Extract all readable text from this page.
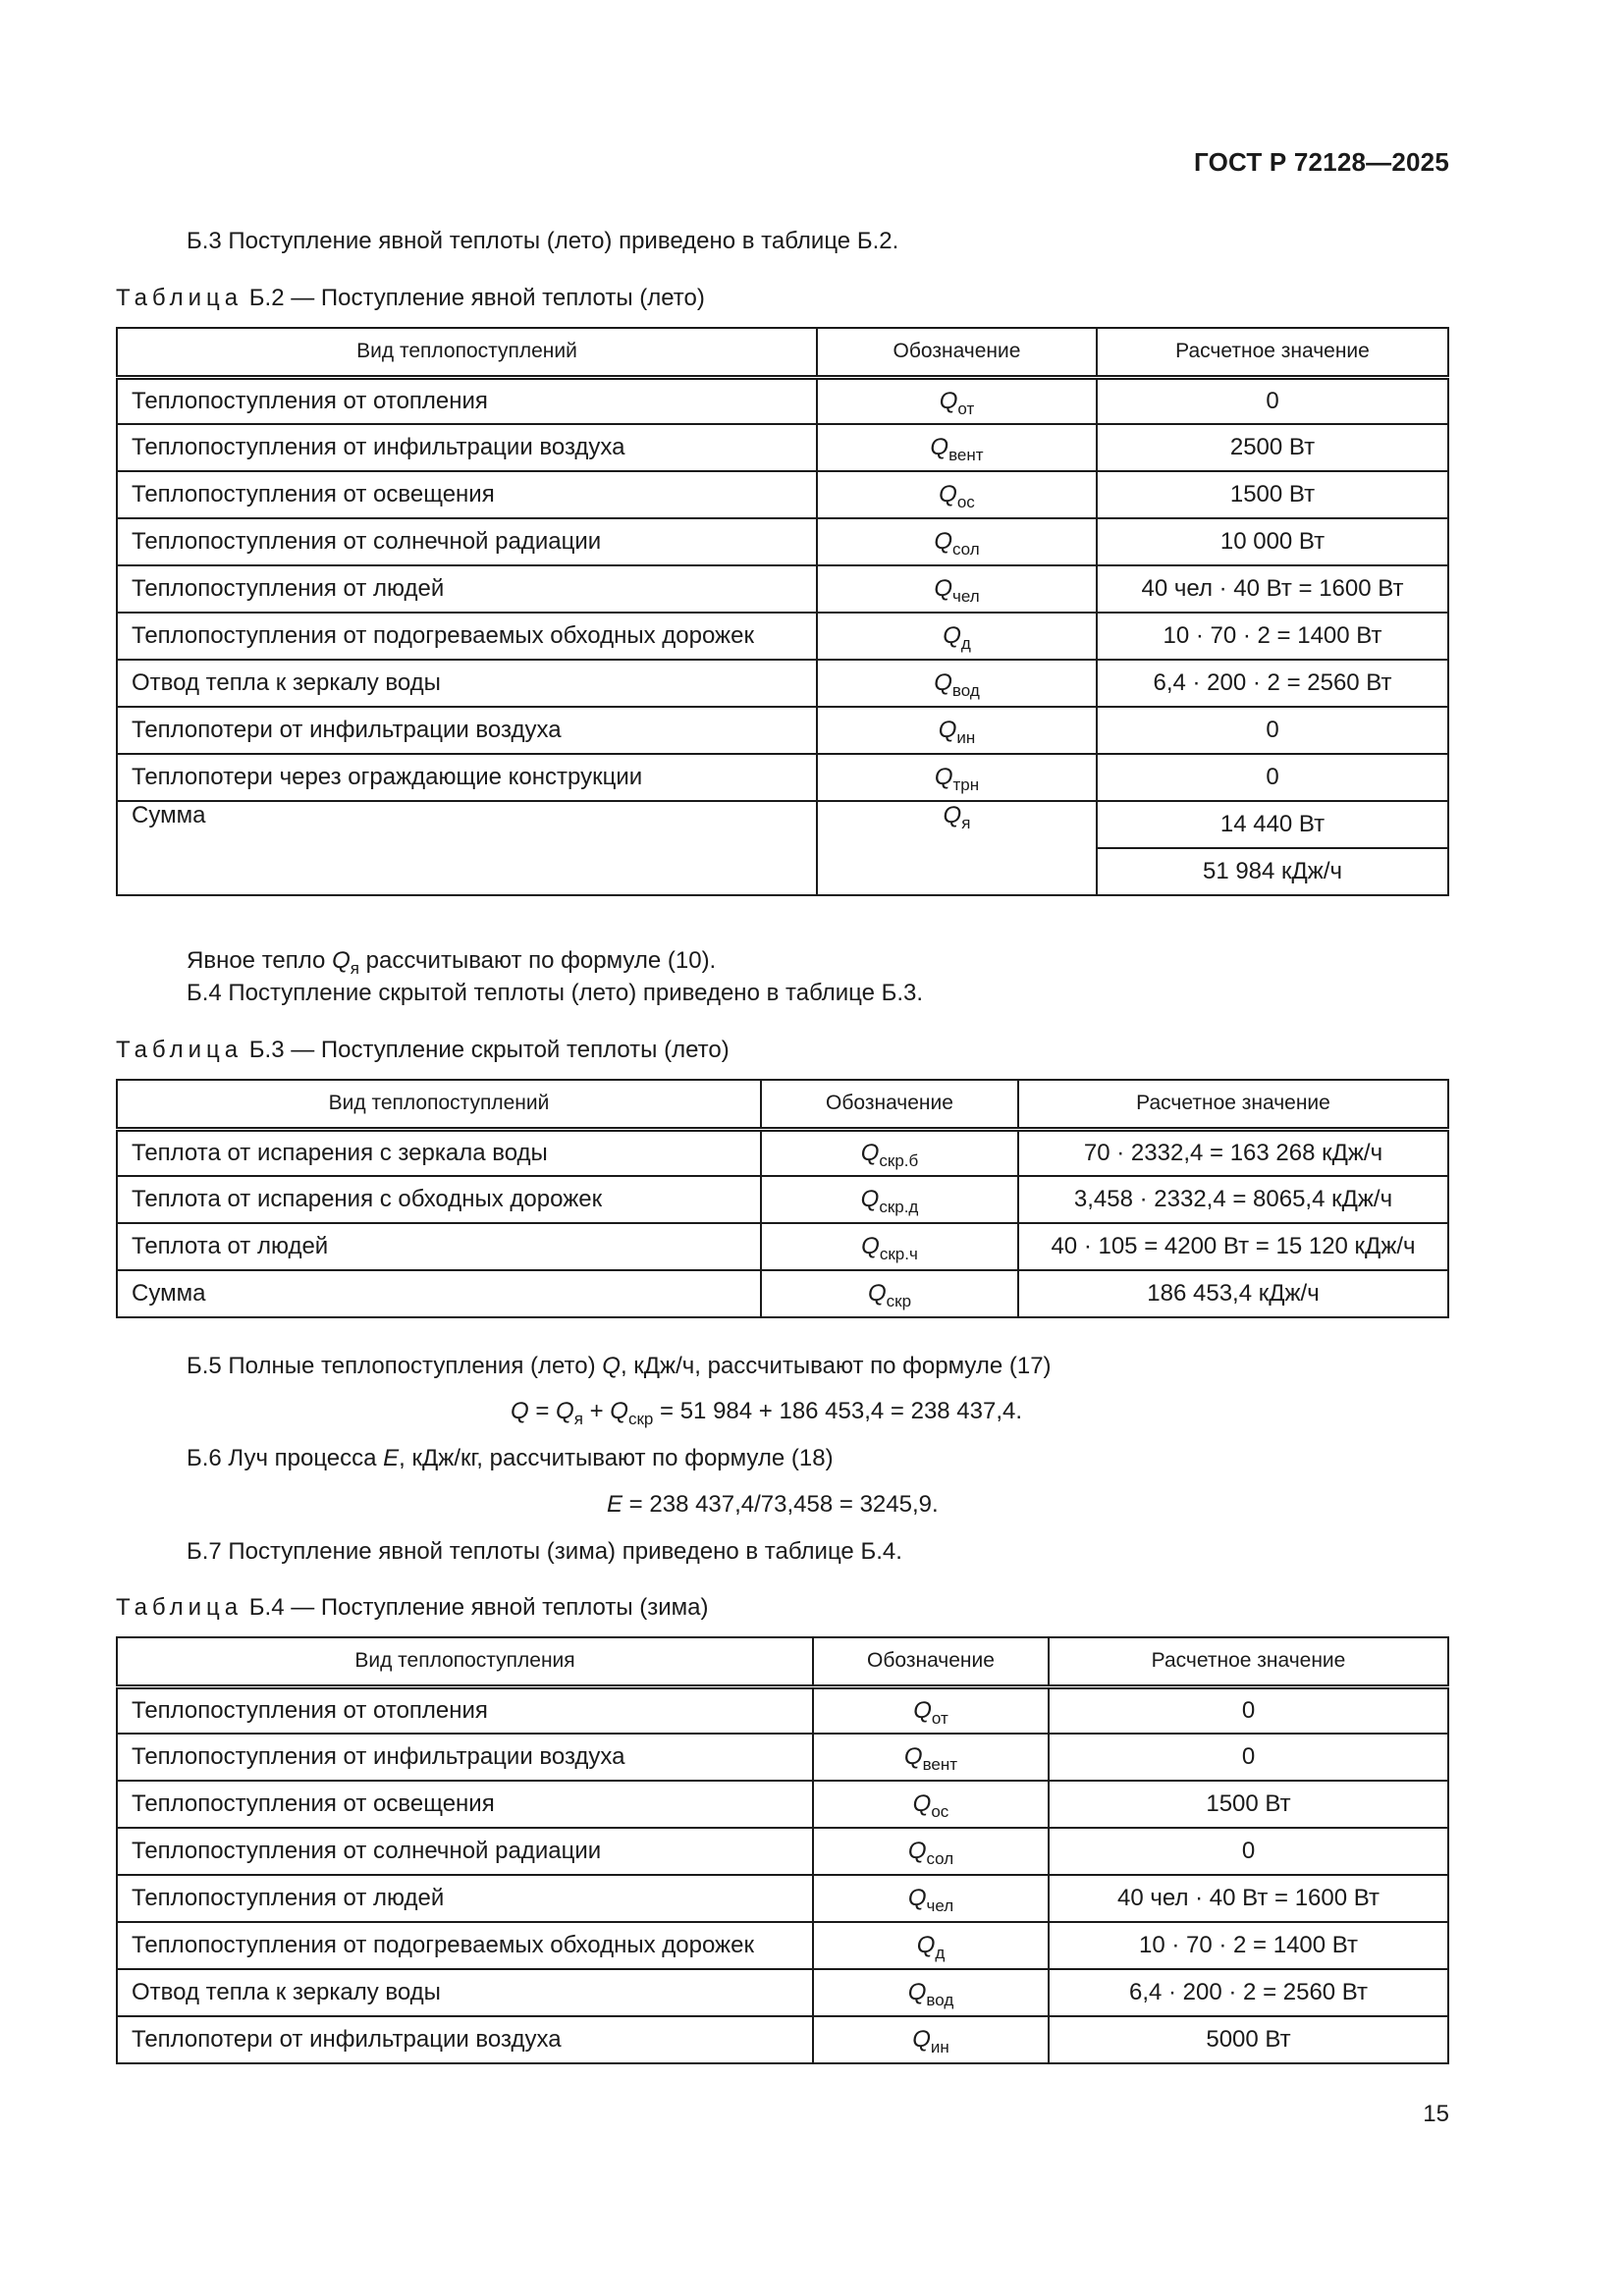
ГОСТ Р 72128—2025
Б.3 Поступление явной теплоты (лето) приведено в таблице Б.2.
Таблица Б.2 — Поступление явной теплоты (лето)
Вид теплопоступлений	Обозначение	Расчетное значение
Теплопоступления от отопления	$Q_{от}$	0
Теплопоступления от инфильтрации воздуха	$Q_{вент}$	2500 Вт
Теплопоступления от освещения	$Q_{ос}$	1500 Вт
Теплопоступления от солнечной радиации	$Q_{сол}$	10 000 Вт
Теплопоступления от людей	$Q_{чел}$	40 чел · 40 Вт = 1600 Вт
Теплопоступления от подогреваемых обходных дорожек	$Q_д$	10 · 70 · 2 = 1400 Вт
Отвод тепла к зеркалу воды	$Q_{вод}$	6,4 · 200 · 2 = 2560 Вт
Теплопотери от инфильтрации воздуха	$Q_{ин}$	0
Теплопотери через ограждающие конструкции	$Q_{трн}$	0
Сумма	$Q_я$	14 440 Вт
		51 984 кДж/ч
Явное тепло $Q_я$ рассчитывают по формуле (10).
Б.4 Поступление скрытой теплоты (лето) приведено в таблице Б.3.
Таблица Б.3 — Поступление скрытой теплоты (лето)
Вид теплопоступлений	Обозначение	Расчетное значение
Теплота от испарения с зеркала воды	$Q_{скр.б}$	70 · 2332,4 = 163 268 кДж/ч
Теплота от испарения с обходных дорожек	$Q_{скр.д}$	3,458 · 2332,4 = 8065,4 кДж/ч
Теплота от людей	$Q_{скр.ч}$	40 · 105 = 4200 Вт = 15 120 кДж/ч
Сумма	$Q_{скр}$	186 453,4 кДж/ч
Б.5 Полные теплопоступления (лето) Q, кДж/ч, рассчитывают по формуле (17)
$Q = Q_я + Q_{скр} = 51$ 984 + 186 453,4 = 238 437,4.
Б.6 Луч процесса E, кДж/кг, рассчитывают по формуле (18)
E = 238 437,4/73,458 = 3245,9.
Б.7 Поступление явной теплоты (зима) приведено в таблице Б.4.
Таблица Б.4 — Поступление явной теплоты (зима)
Вид теплопоступления	Обозначение	Расчетное значение
Теплопоступления от отопления	$Q_{от}$	0
Теплопоступления от инфильтрации воздуха	$Q_{вент}$	0
Теплопоступления от освещения	$Q_{ос}$	1500 Вт
Теплопоступления от солнечной радиации	$Q_{сол}$	0
Теплопоступления от людей	$Q_{чел}$	40 чел · 40 Вт = 1600 Вт
Теплопоступления от подогреваемых обходных дорожек	$Q_д$	10 · 70 · 2 = 1400 Вт
Отвод тепла к зеркалу воды	$Q_{вод}$	6,4 · 200 · 2 = 2560 Вт
Теплопотери от инфильтрации воздуха	$Q_{ин}$	5000 Вт
15
